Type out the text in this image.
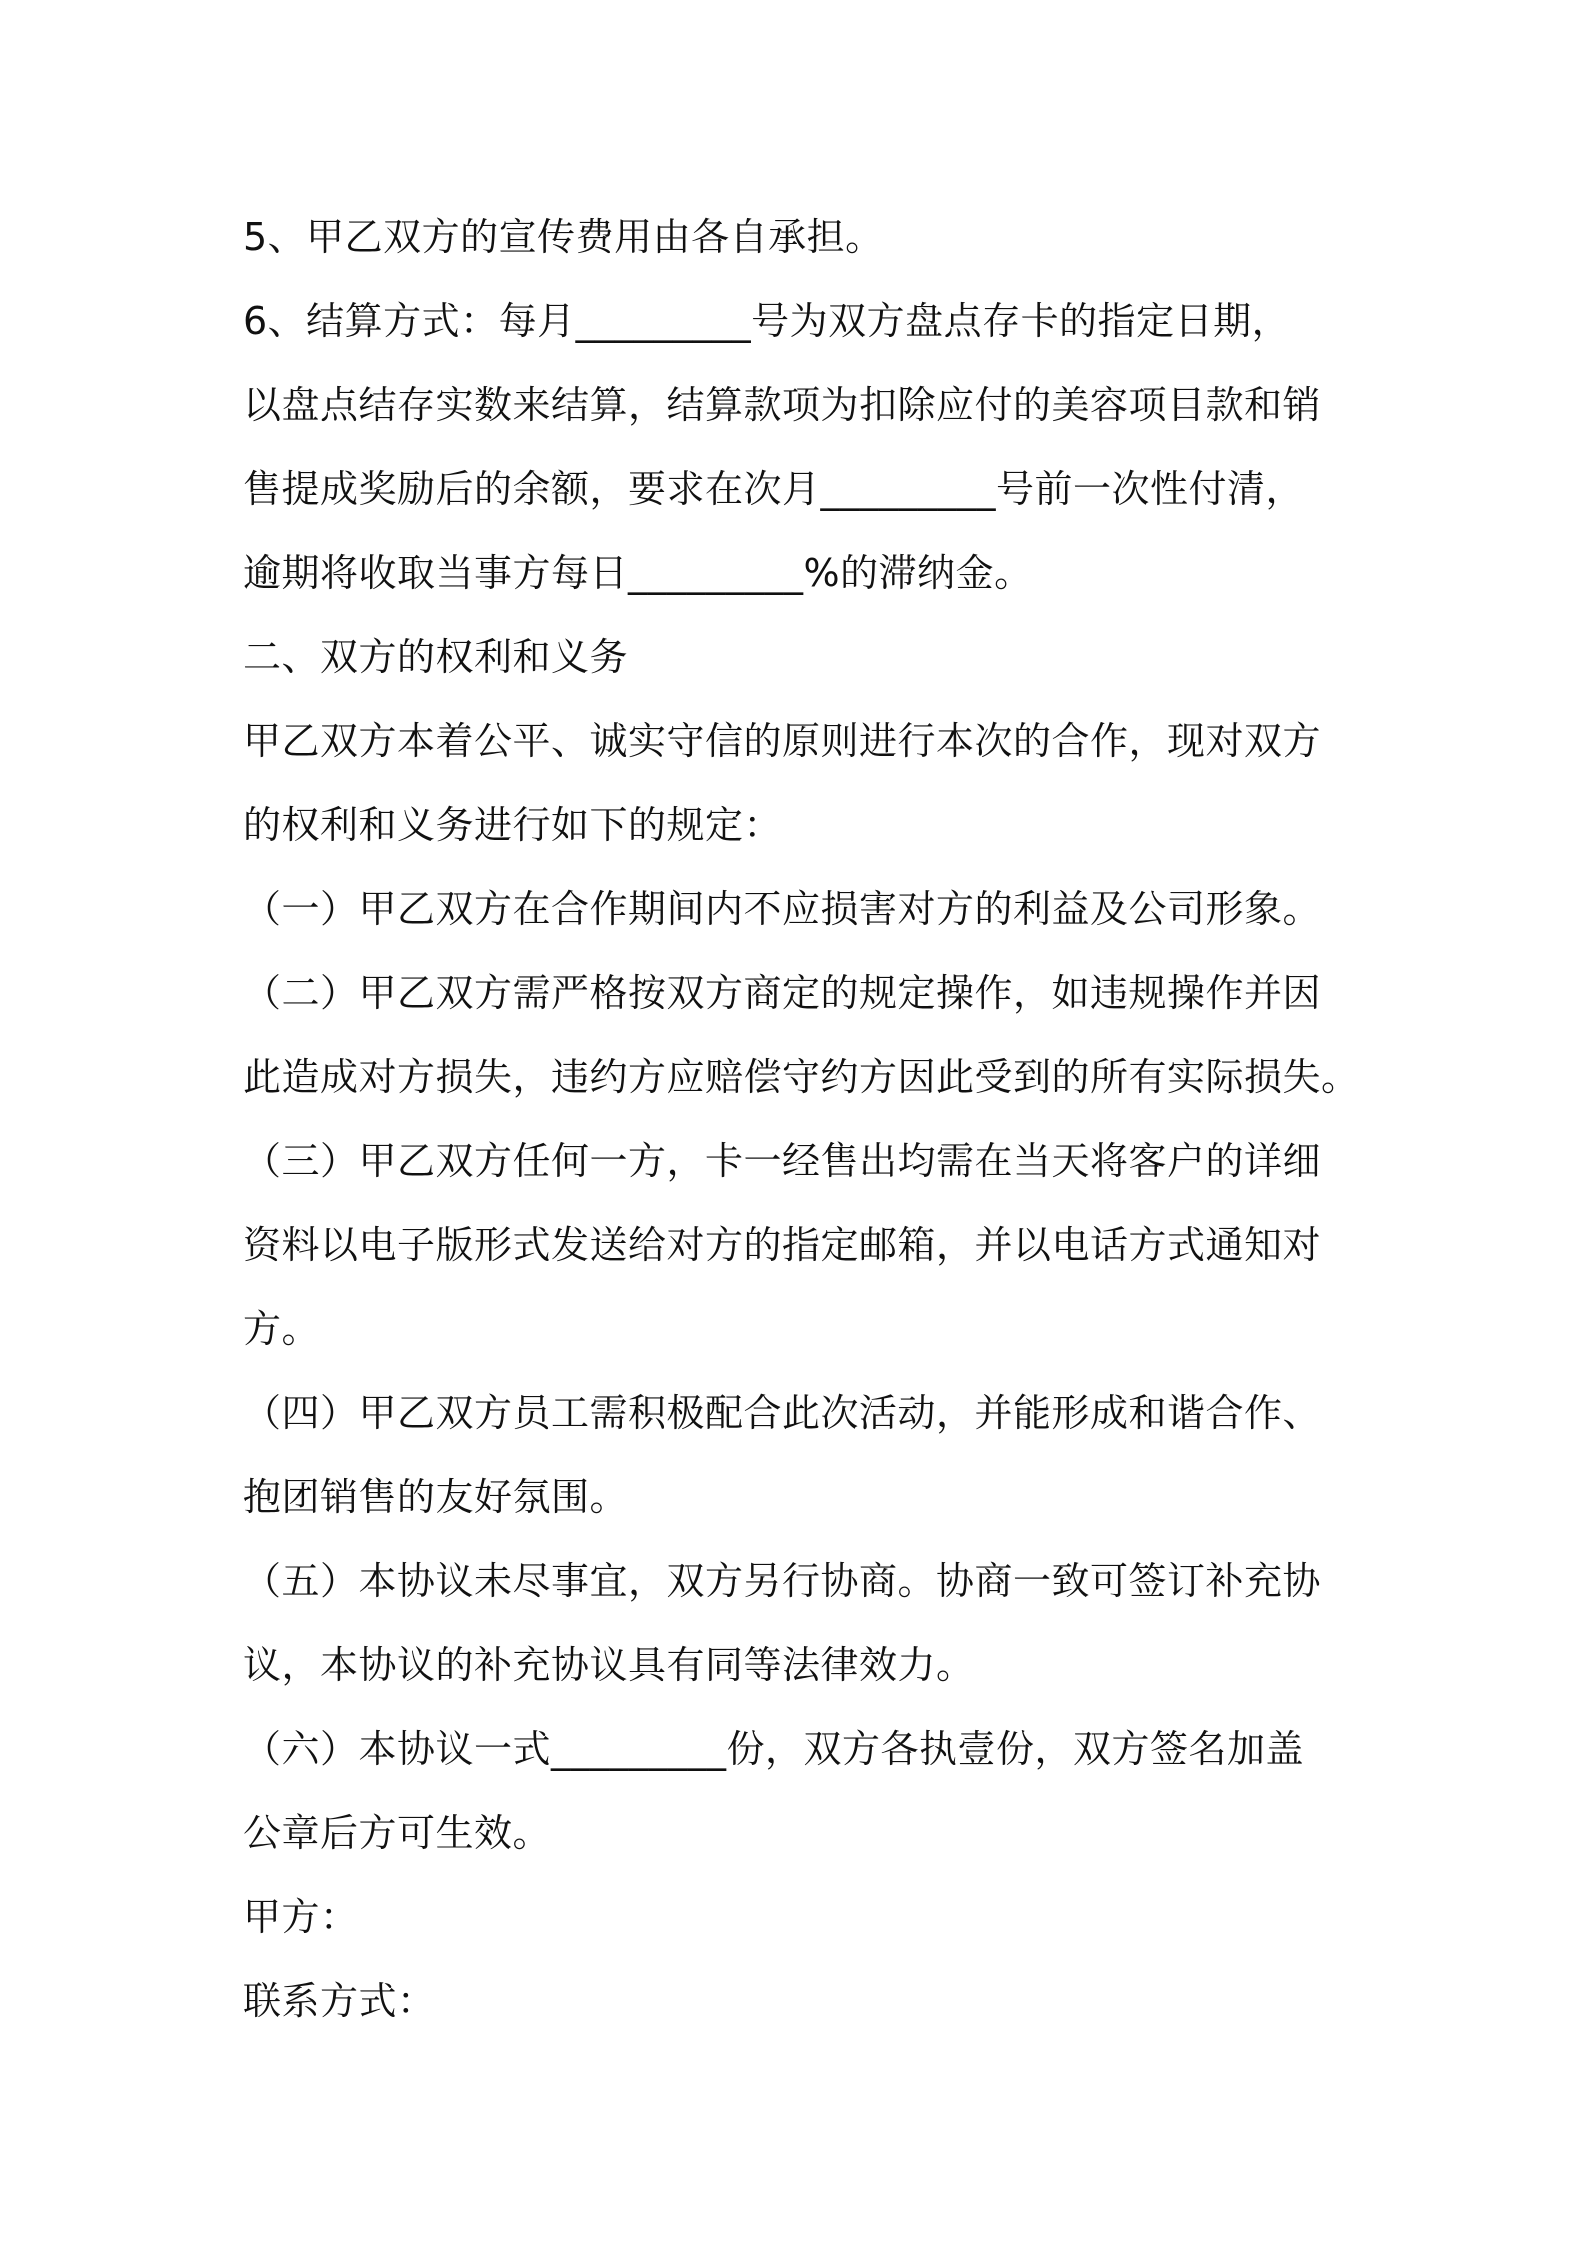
5、甲乙双方的宣传费用由各自承担。
6、结算方式：每月_________号为双方盘点存卡的指定日期，
以盘点结存实数来结算，结算款项为扣除应付的美容项目款和销
售提成奖励后的余额，要求在次月_________号前一次性付清，
逾期将收取当事方每日_________%的滞纳金。
二、双方的权利和义务
甲乙双方本着公平、诚实守信的原则进行本次的合作，现对双方
的权利和义务进行如下的规定：
（一）甲乙双方在合作期间内不应损害对方的利益及公司形象。
（二）甲乙双方需严格按双方商定的规定操作，如违规操作并因
此造成对方损失，违约方应赔偿守约方因此受到的所有实际损失。
（三）甲乙双方任何一方，卡一经售出均需在当天将客户的详细
资料以电子版形式发送给对方的指定邮箱，并以电话方式通知对
方。
（四）甲乙双方员工需积极配合此次活动，并能形成和谐合作、
抱团销售的友好氛围。
（五）本协议未尽事宜，双方另行协商。协商一致可签订补充协
议，本协议的补充协议具有同等法律效力。
（六）本协议一式_________份，双方各执壹份，双方签名加盖
公章后方可生效。
甲方：
联系方式：
